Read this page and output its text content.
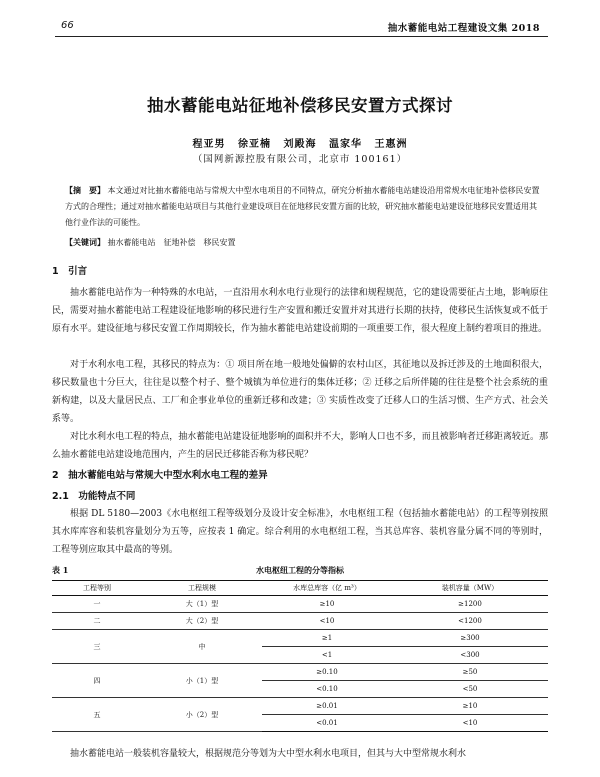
66	抽水蓄能电站工程建设文集 2018
抽水蓄能电站征地补偿移民安置方式探讨
程亚男 徐亚楠 刘殿海 温家华 王惠洲
（国网新源控股有限公司，北京市 100161）
【摘　要】 本文通过对比抽水蓄能电站与常规大中型水电项目的不同特点，研究分析抽水蓄能电站建设沿用常规水电征地补偿移民安置方式的合理性；通过对抽水蓄能电站项目与其他行业建设项目在征地移民安置方面的比较，研究抽水蓄能电站建设征地移民安置适用其他行业作法的可能性。
【关键词】 抽水蓄能电站　征地补偿　移民安置
1　引言
抽水蓄能电站作为一种特殊的水电站，一直沿用水利水电行业现行的法律和规程规范，它的建设需要征占土地，影响原住民，需要对抽水蓄能电站工程建设征地影响的移民进行生产安置和搬迁安置并对其进行长期的扶持，使移民生活恢复或不低于原有水平。建设征地与移民安置工作周期较长，作为抽水蓄能电站建设前期的一项重要工作，很大程度上制约着项目的推进。
对于水利水电工程，其移民的特点为：① 项目所在地一般地处偏僻的农村山区，其征地以及拆迁涉及的土地面积很大，移民数量也十分巨大，往往是以整个村子、整个城镇为单位进行的集体迁移；② 迁移之后所伴随的往往是整个社会系统的重新构建，以及大量居民点、工厂和企事业单位的重新迁移和改建；③ 实质性改变了迁移人口的生活习惯、生产方式、社会关系等。
对比水利水电工程的特点，抽水蓄能电站建设征地影响的面积并不大，影响人口也不多，而且被影响者迁移距离较近。那么抽水蓄能电站建设地范围内，产生的居民迁移能否称为移民呢？
2　抽水蓄能电站与常规大中型水利水电工程的差异
2.1　功能特点不同
根据 DL 5180—2003《水电枢纽工程等级划分及设计安全标准》，水电枢纽工程（包括抽水蓄能电站）的工程等别按照其水库库容和装机容量划分为五等，应按表 1 确定。综合利用的水电枢纽工程，当其总库容、装机容量分属不同的等别时，工程等别应取其中最高的等别。
水电枢纽工程的分等指标
表 1
工程等别	工程规模	水库总库容（亿 m³）	装机容量（MW）
一	大（1）型	≥10	≥1200
二	大（2）型	<10	<1200
三	中	≥1	≥300
		<1	<300
四	小（1）型	≥0.10	≥50
		<0.10	<50
五	小（2）型	≥0.01	≥10
		<0.01	<10
抽水蓄能电站一般装机容量较大，根据规范分等划为大中型水利水电项目，但其与大中型常规水利水
